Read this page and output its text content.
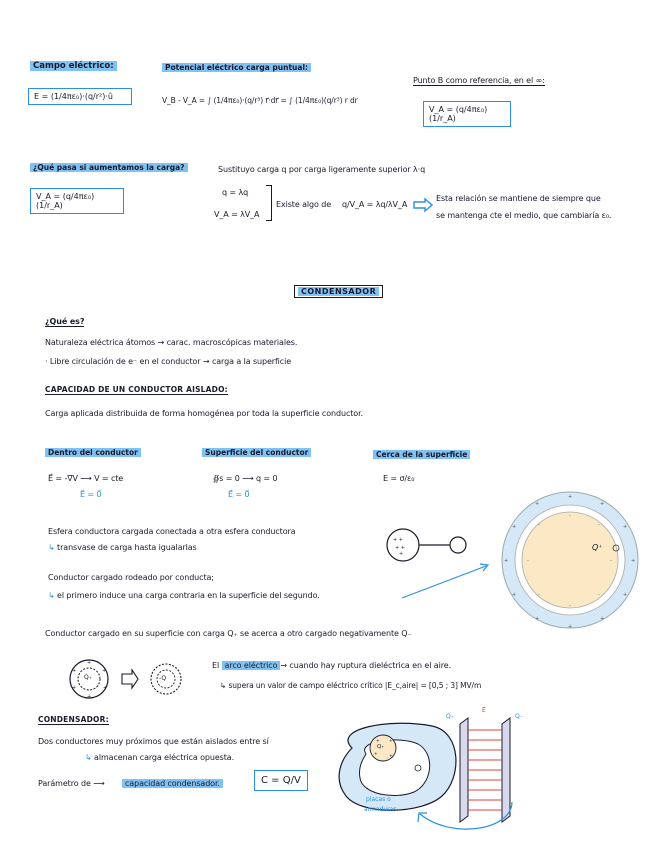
Campo eléctrico:
E = (1/4πε₀)·(q/r²)·û
Potencial eléctrico carga puntual:
V_B - V_A = ∫ (1/4πε₀)·(q/r³) r⃗·dr⃗ = ∫ (1/4πε₀)(q/r³) r dr
Punto B como referencia, en el ∞:
V_A = (q/4πε₀)(1/r_A)
¿Qué pasa si aumentamos la carga?
V_A = (q/4πε₀)(1/r_A)
Sustituyo carga q por carga ligeramente superior λ·q
q = λq
V_A = λV_A
Existe algo de q/V_A = λq/λV_A
Esta relación se mantiene de siempre que
se mantenga cte el medio, que cambiaría ε₀.
CONDENSADOR
¿Qué es?
Naturaleza eléctrica átomos → carac. macroscópicas materiales.
· Libre circulación de e⁻ en el conductor → carga a la superficie
CAPACIDAD DE UN CONDUCTOR AISLADO:
Carga aplicada distribuida de forma homogénea por toda la superficie conductor.
Dentro del conductor
E⃗ = -∇⃗V ⟶ V = cte
E⃗ = 0⃗
Superficie del conductor
∯s = 0 ⟶ q = 0
E⃗ = 0⃗
Cerca de la superficie
E = σ/ε₀
Esfera conductora cargada conectada a otra esfera conductora
↳ transvase de carga hasta igualarlas
+ +
+ +
+
+
+
+
+
+
+
+
+
+
+
+
+
-
-
-
-
-
-
-
-
Q⁺
Conductor cargado rodeado por conducta;
↳ el primero induce una carga contraria en la superficie del segundo.
Conductor cargado en su superficie con carga Q₊ se acerca a otro cargado negativamente Q₋
+
+
+
+
+
+
Q₊	-Q
El arco eléctrico → cuando hay ruptura dieléctrica en el aire.
↳ supera un valor de campo eléctrico crítico |E_c,aire| = [0,5 ; 3] MV/m
CONDENSADOR:
Dos conductores muy próximos que están aislados entre sí
↳ almacenan carga eléctrica opuesta.
Parámetro de ⟶	capacidad condensador.	C = Q/V
+ +
+ +
Q₊
Q₊
E⃗
Q₋
placas o
armaduras
